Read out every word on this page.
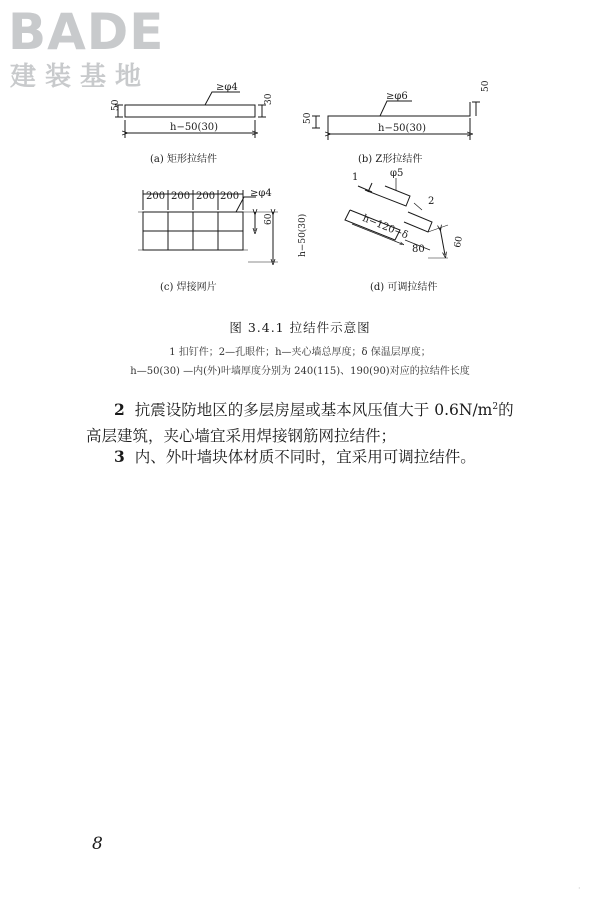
BADE
建装基地	≥φ4
50
30
h−50(30)
(a) 矩形拉结件
≥φ6
50
50
h−50(30)
(b) Z形拉结件
200 200 200 200 ≥φ4
60	h−50(30)
(c) 焊接网片
1	φ5
2
h−120−δ
80
60
(d) 可调拉结件
图 3.4.1 拉结件示意图
1 扣钉件；2—孔眼件；h—夹心墙总厚度；δ 保温层厚度；
h—50(30) —内(外)叶墙厚度分别为 240(115)、190(90)对应的拉结件长度
2 抗震设防地区的多层房屋或基本风压值大于 $0.6N/m^2$的高层建筑，夹心墙宜采用焊接钢筋网拉结件；
3 内、外叶墙块体材质不同时，宜采用可调拉结件。
8
·
